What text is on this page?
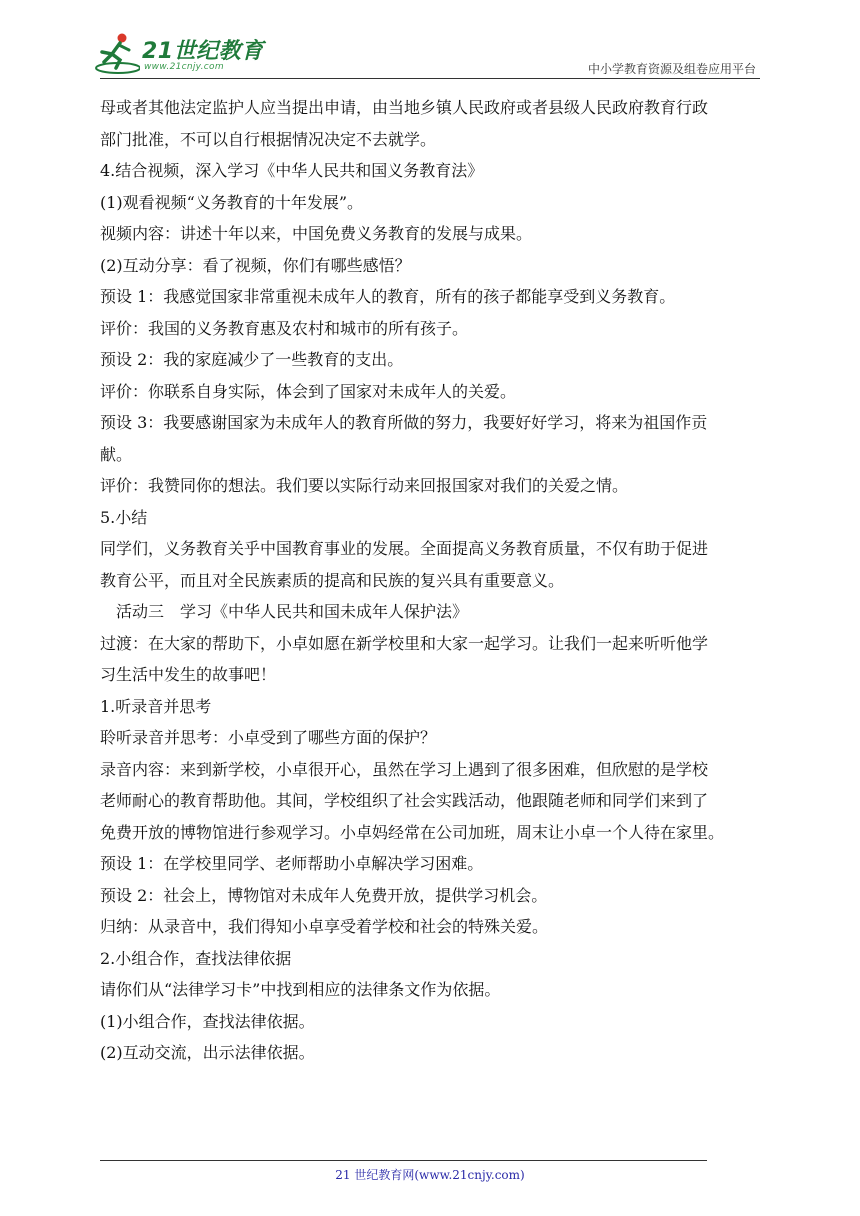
21世纪教育
www.21cnjy.com	中小学教育资源及组卷应用平台

母或者其他法定监护人应当提出申请，由当地乡镇人民政府或者县级人民政府教育行政

部门批准，不可以自行根据情况决定不去就学。

4.结合视频，深入学习《中华人民共和国义务教育法》

(1)观看视频“义务教育的十年发展”。

视频内容：讲述十年以来，中国免费义务教育的发展与成果。

(2)互动分享：看了视频，你们有哪些感悟？

预设 1：我感觉国家非常重视未成年人的教育，所有的孩子都能享受到义务教育。

评价：我国的义务教育惠及农村和城市的所有孩子。

预设 2：我的家庭减少了一些教育的支出。

评价：你联系自身实际，体会到了国家对未成年人的关爱。

预设 3：我要感谢国家为未成年人的教育所做的努力，我要好好学习，将来为祖国作贡

献。

评价：我赞同你的想法。我们要以实际行动来回报国家对我们的关爱之情。

5.小结

同学们，义务教育关乎中国教育事业的发展。全面提高义务教育质量，不仅有助于促进

教育公平，而且对全民族素质的提高和民族的复兴具有重要意义。

　活动三　学习《中华人民共和国未成年人保护法》

过渡：在大家的帮助下，小卓如愿在新学校里和大家一起学习。让我们一起来听听他学

习生活中发生的故事吧！

1.听录音并思考

聆听录音并思考：小卓受到了哪些方面的保护？

录音内容：来到新学校，小卓很开心，虽然在学习上遇到了很多困难，但欣慰的是学校

老师耐心的教育帮助他。其间，学校组织了社会实践活动，他跟随老师和同学们来到了

免费开放的博物馆进行参观学习。小卓妈经常在公司加班，周末让小卓一个人待在家里。

预设 1：在学校里同学、老师帮助小卓解决学习困难。

预设 2：社会上，博物馆对未成年人免费开放，提供学习机会。

归纳：从录音中，我们得知小卓享受着学校和社会的特殊关爱。

2.小组合作，查找法律依据

请你们从“法律学习卡”中找到相应的法律条文作为依据。

(1)小组合作，查找法律依据。

(2)互动交流，出示法律依据。

21 世纪教育网(www.21cnjy.com)
